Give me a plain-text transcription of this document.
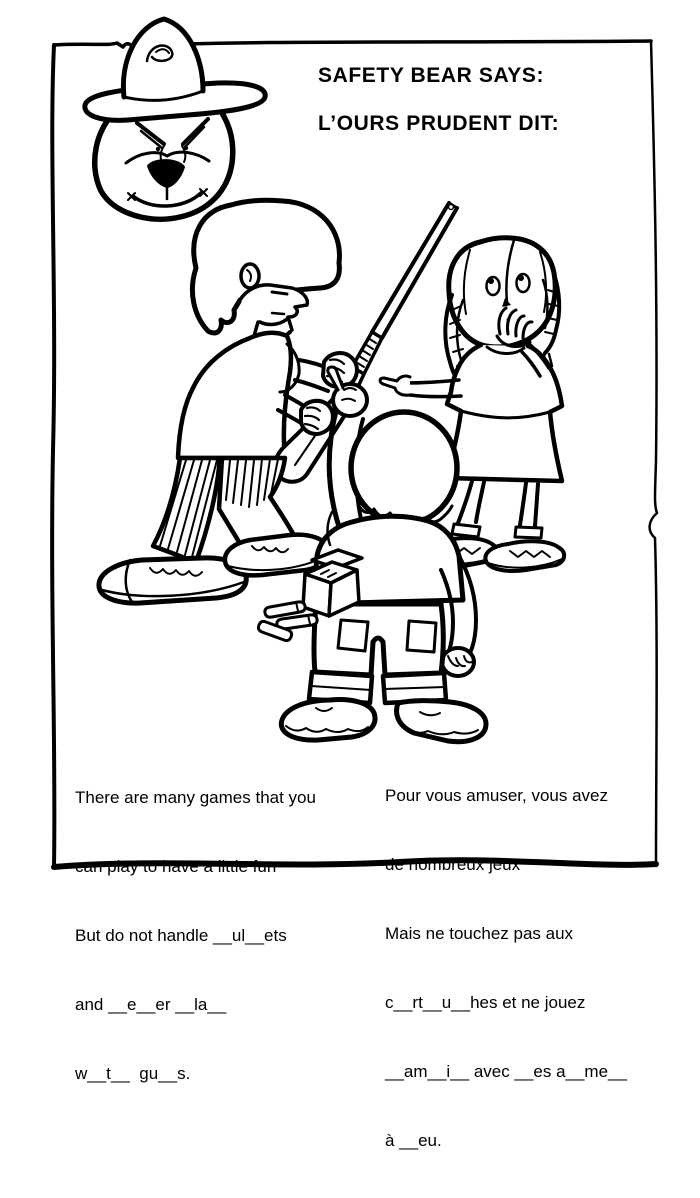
SAFETY BEAR SAYS:
L’OURS PRUDENT DIT:

There are many games that you

can play to have a little fun

But do not handle __ul__ets

and __e__er __la__

w__t__  gu__s.

Pour vous amuser, vous avez

de nombreux jeux

Mais ne touchez pas aux

c__rt__u__hes et ne jouez

__am__i__ avec __es a__me__

à __eu.
